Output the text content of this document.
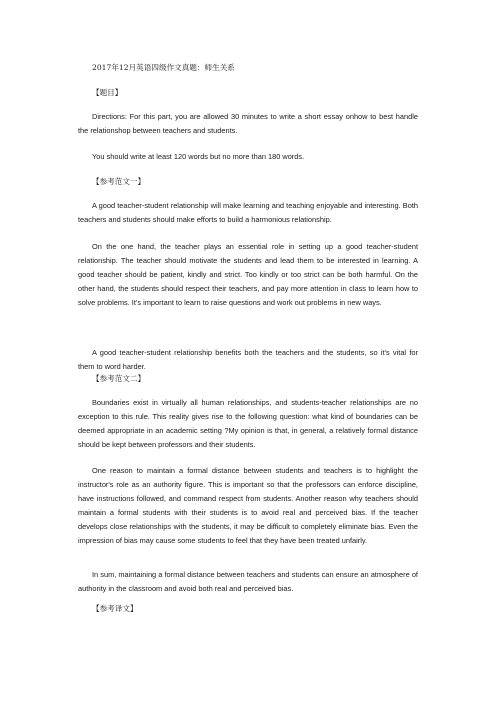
2017年12月英语四级作文真题：师生关系

【题目】

Directions: For this part, you are allowed 30 minutes to write a short essay onhow to best handle the relationshop between teachers and students.

You should write at least 120 words but no more than 180 words.

【参考范文一】

A good teacher-student relationship will make learning and teaching enjoyable and interesting. Both teachers and students should make efforts to build a harmonious relationship.

On the one hand, the teacher plays an essential role in setting up a good teacher-student relationship. The teacher should motivate the students and lead them to be interested in learning. A good teacher should be patient, kindly and strict. Too kindly or too strict can be both harmful. On the other hand, the students should respect their teachers, and pay more attention in class to learn how to solve problems. It's important to learn to raise questions and work out problems in new ways.

A good teacher-student relationship benefits both the teachers and the students, so it's vital for them to word harder.

【参考范文二】

Boundaries exist in virtually all human relationships, and students-teacher relationships are no exception to this rule. This reality gives rise to the following question: what kind of boundaries can be deemed appropriate in an academic setting ?My opinion is that, in general, a relatively formal distance should be kept between professors and their students.

One reason to maintain a formal distance between students and teachers is to highlight the instructor's role as an authority figure. This is important so that the professors can enforce discipline, have instructions followed, and command respect from students. Another reason why teachers should maintain a formal students with their students is to avoid real and perceived bias. If the teacher develops close relationships with the students, it may be difficult to completely eliminate bias. Even the impression of bias may cause some students to feel that they have been treated unfairly.

In sum, maintaining a formal distance between teachers and students can ensure an atmosphere of authority in the classroom and avoid both real and perceived bias.

【参考译文】
